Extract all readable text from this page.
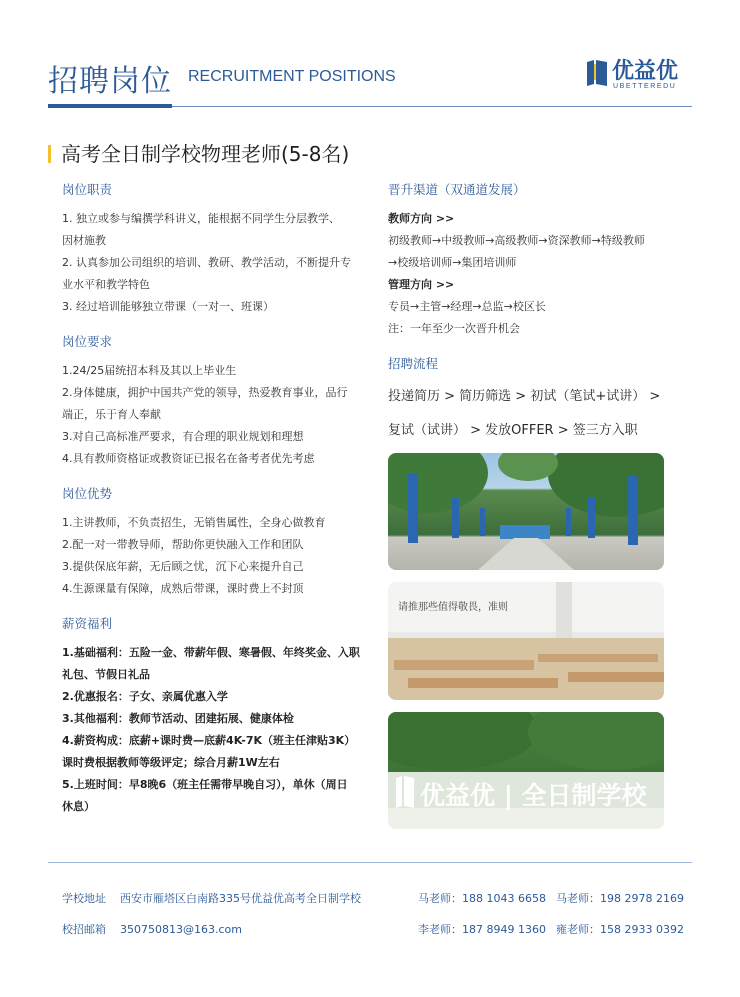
招聘岗位 RECRUITMENT POSITIONS	优益优
UBETTEREDU
高考全日制学校物理老师(5-8名)
岗位职责
1. 独立或参与编撰学科讲义，能根据不同学生分层教学、
因材施教
2. 认真参加公司组织的培训、教研、教学活动，不断提升专
业水平和教学特色
3. 经过培训能够独立带课（一对一、班课）
岗位要求
1.24/25届统招本科及其以上毕业生
2.身体健康，拥护中国共产党的领导，热爱教育事业，品行
端正，乐于育人奉献
3.对自己高标准严要求，有合理的职业规划和理想
4.具有教师资格证或教资证已报名在备考者优先考虑
岗位优势
1.主讲教师，不负责招生，无销售属性，全身心做教育
2.配一对一带教导师，帮助你更快融入工作和团队
3.提供保底年薪，无后顾之忧，沉下心来提升自己
4.生源课量有保障，成熟后带课，课时费上不封顶
薪资福利
1.基础福利：五险一金、带薪年假、寒暑假、年终奖金、入职
礼包、节假日礼品
2.优惠报名：子女、亲属优惠入学
3.其他福利：教师节活动、团建拓展、健康体检
4.薪资构成：底薪+课时费—底薪4K-7K（班主任津贴3K）
课时费根据教师等级评定；综合月薪1W左右
5.上班时间：早8晚6（班主任需带早晚自习），单休（周日
休息）
晋升渠道（双通道发展）
教师方向 >>
初级教师→中级教师→高级教师→资深教师→特级教师
→校级培训师→集团培训师
管理方向 >>
专员→主管→经理→总监→校区长
注：一年至少一次晋升机会
招聘流程
投递简历 > 简历筛选 > 初试（笔试+试讲） >
复试（试讲） > 发放OFFER > 签三方入职
请推那些值得敬畏，准则
优益优 | 全日制学校
学校地址 西安市雁塔区白南路335号优益优高考全日制学校
校招邮箱 350750813@163.com
马老师：188 1043 6658 马老师：198 2978 2169
李老师：187 8949 1360 雍老师：158 2933 0392
